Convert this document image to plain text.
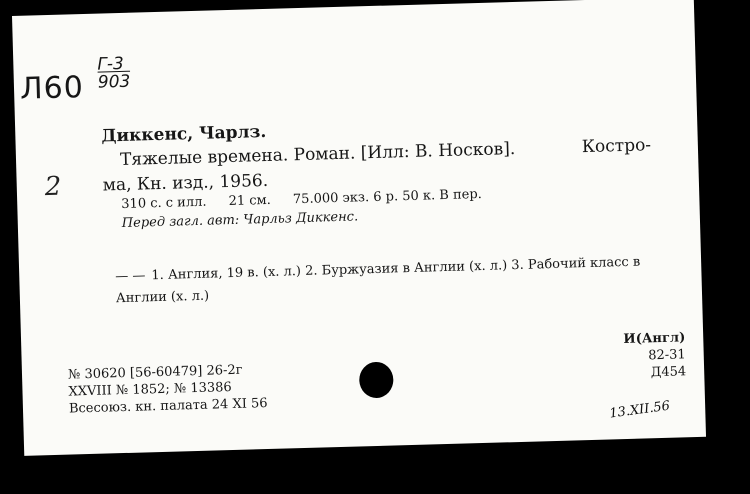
Л60
Г-3
903
Диккенс, Чарлз.
Тяжелые времена. Роман. [Илл: В. Носков].	Костро-
2 ма, Кн. изд., 1956.
310 с. с илл. 21 см. 75.000 экз. 6 р. 50 к. В пер.
Перед загл. авт: Чарльз Диккенс.
— — 1. Англия, 19 в. (х. л.) 2. Буржуазия в Англии (х. л.) 3. Рабочий класс в Англии (х. л.)
№ 30620 [56-60479] 26-2г
XXVIII № 1852; № 13386
Всесоюз. кн. палата 24 XI 56
И(Англ)
82-31
Д454
13.XII.56
